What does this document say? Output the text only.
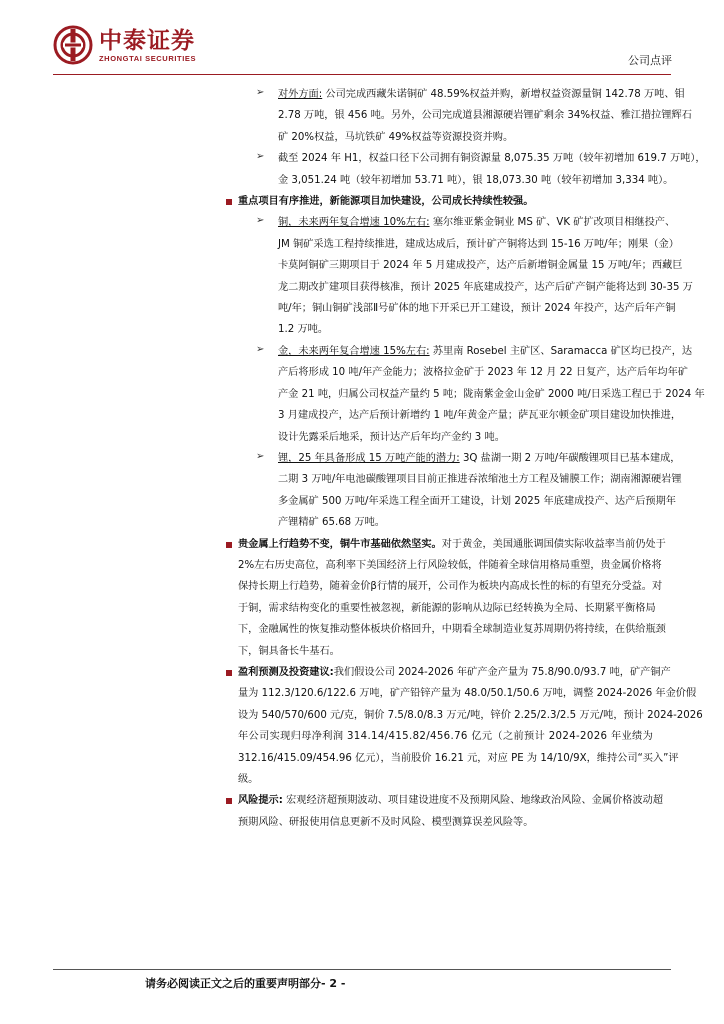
中泰证券
ZHONGTAI SECURITIES	公司点评
➢ 对外方面: 公司完成西藏朱诺铜矿 48.59%权益并购，新增权益资源量铜 142.78 万吨、钼
2.78 万吨，银 456 吨。另外，公司完成道县湘源硬岩锂矿剩余 34%权益、雅江措拉锂辉石
矿 20%权益，马坑铁矿 49%权益等资源投资并购。
➢ 截至 2024 年 H1，权益口径下公司拥有铜资源量 8,075.35 万吨（较年初增加 619.7 万吨），
金 3,051.24 吨（较年初增加 53.71 吨），银 18,073.30 吨（较年初增加 3,334 吨）。
重点项目有序推进，新能源项目加快建设，公司成长持续性较强。
➢ 铜，未来两年复合增速 10%左右: 塞尔维亚紫金铜业 MS 矿、VK 矿扩改项目相继投产、
JM 铜矿采选工程持续推进，建成达成后，预计矿产铜将达到 15-16 万吨/年；刚果（金）
卡莫阿铜矿三期项目于 2024 年 5 月建成投产，达产后新增铜金属量 15 万吨/年；西藏巨
龙二期改扩建项目获得核准，预计 2025 年底建成投产，达产后矿产铜产能将达到 30-35 万
吨/年；铜山铜矿浅部Ⅱ号矿体的地下开采已开工建设，预计 2024 年投产，达产后年产铜
1.2 万吨。
➢ 金，未来两年复合增速 15%左右: 苏里南 Rosebel 主矿区、Saramacca 矿区均已投产，达
产后将形成 10 吨/年产金能力；波格拉金矿于 2023 年 12 月 22 日复产，达产后年均年矿
产金 21 吨，归属公司权益产量约 5 吨；陇南紫金金山金矿 2000 吨/日采选工程已于 2024 年
3 月建成投产，达产后预计新增约 1 吨/年黄金产量；萨瓦亚尔顿金矿项目建设加快推进，
设计先露采后地采，预计达产后年均产金约 3 吨。
➢ 锂，25 年具备形成 15 万吨产能的潜力: 3Q 盐湖一期 2 万吨/年碳酸锂项目已基本建成，
二期 3 万吨/年电池碳酸锂项目目前正推进吞浓缩池土方工程及铺膜工作；湖南湘源硬岩锂
多金属矿 500 万吨/年采选工程全面开工建设，计划 2025 年底建成投产、达产后预期年
产锂精矿 65.68 万吨。
贵金属上行趋势不变，铜牛市基础依然坚实。对于黄金，美国通胀调国债实际收益率当前仍处于
2%左右历史高位，高利率下美国经济上行风险较低，伴随着全球信用格局重塑，贵金属价格将
保持长期上行趋势，随着金价β行情的展开，公司作为板块内高成长性的标的有望充分受益。对
于铜，需求结构变化的重要性被忽视，新能源的影响从边际已经转换为全局、长期紧平衡格局
下，金融属性的恢复推动整体板块价格回升，中期看全球制造业复苏周期仍将持续，在供给瓶颈
下，铜具备长牛基石。
盈利预测及投资建议:我们假设公司 2024-2026 年矿产金产量为 75.8/90.0/93.7 吨，矿产铜产
量为 112.3/120.6/122.6 万吨，矿产铅锌产量为 48.0/50.1/50.6 万吨，调整 2024-2026 年金价假
设为 540/570/600 元/克，铜价 7.5/8.0/8.3 万元/吨，锌价 2.25/2.3/2.5 万元/吨，预计 2024-2026
年公司实现归母净利润 314.14/415.82/456.76 亿元（之前预计 2024-2026 年业绩为
312.16/415.09/454.96 亿元），当前股价 16.21 元，对应 PE 为 14/10/9X，维持公司“买入”评
级。
风险提示: 宏观经济超预期波动、项目建设进度不及预期风险、地缘政治风险、金属价格波动超
预期风险、研报使用信息更新不及时风险、模型测算误差风险等。
请务必阅读正文之后的重要声明部分- 2 -
